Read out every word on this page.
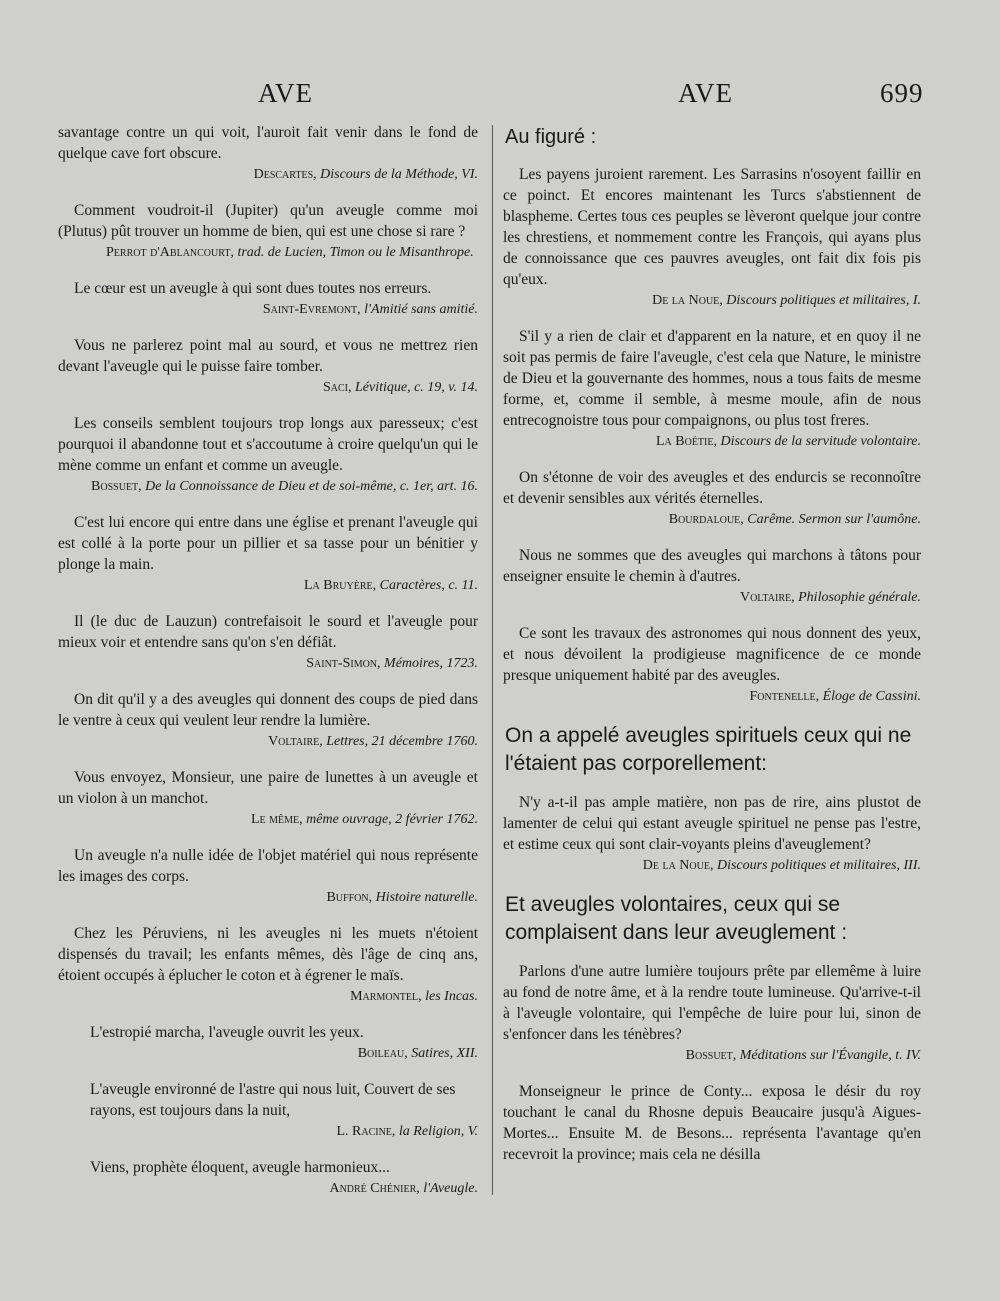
AVE	AVE	699
savantage contre un qui voit, l'auroit fait venir dans le fond de quelque cave fort obscure.
Descartes, Discours de la Méthode, VI.
Comment voudroit-il (Jupiter) qu'un aveugle comme moi (Plutus) pût trouver un homme de bien, qui est une chose si rare ?
Perrot d'Ablancourt, trad. de Lucien, Timon ou le Misanthrope.
Le cœur est un aveugle à qui sont dues toutes nos erreurs.
Saint-Evremont, l'Amitié sans amitié.
Vous ne parlerez point mal au sourd, et vous ne mettrez rien devant l'aveugle qui le puisse faire tomber.
Saci, Lévitique, c. 19, v. 14.
Les conseils semblent toujours trop longs aux paresseux; c'est pourquoi il abandonne tout et s'accoutume à croire quelqu'un qui le mène comme un enfant et comme un aveugle.
Bossuet, De la Connoissance de Dieu et de soi-même, c. 1er, art. 16.
C'est lui encore qui entre dans une église et prenant l'aveugle qui est collé à la porte pour un pillier et sa tasse pour un bénitier y plonge la main.
La Bruyère, Caractères, c. 11.
Il (le duc de Lauzun) contrefaisoit le sourd et l'aveugle pour mieux voir et entendre sans qu'on s'en défiât.
Saint-Simon, Mémoires, 1723.
On dit qu'il y a des aveugles qui donnent des coups de pied dans le ventre à ceux qui veulent leur rendre la lumière.
Voltaire, Lettres, 21 décembre 1760.
Vous envoyez, Monsieur, une paire de lunettes à un aveugle et un violon à un manchot.
Le même, même ouvrage, 2 février 1762.
Un aveugle n'a nulle idée de l'objet matériel qui nous représente les images des corps.
Buffon, Histoire naturelle.
Chez les Péruviens, ni les aveugles ni les muets n'étoient dispensés du travail; les enfants mêmes, dès l'âge de cinq ans, étoient occupés à éplucher le coton et à égrener le maïs.
Marmontel, les Incas.
L'estropié marcha, l'aveugle ouvrit les yeux.
Boileau, Satires, XII.
L'aveugle environné de l'astre qui nous luit, Couvert de ses rayons, est toujours dans la nuit,
L. Racine, la Religion, V.
Viens, prophète éloquent, aveugle harmonieux...
André Chénier, l'Aveugle.
Au figuré :
Les payens juroient rarement. Les Sarrasins n'osoyent faillir en ce poinct. Et encores maintenant les Turcs s'abstiennent de blaspheme. Certes tous ces peuples se lèveront quelque jour contre les chrestiens, et nommement contre les François, qui ayans plus de connoissance que ces pauvres aveugles, ont fait dix fois pis qu'eux.
De la Noue, Discours politiques et militaires, I.
S'il y a rien de clair et d'apparent en la nature, et en quoy il ne soit pas permis de faire l'aveugle, c'est cela que Nature, le ministre de Dieu et la gouvernante des hommes, nous a tous faits de mesme forme, et, comme il semble, à mesme moule, afin de nous entrecognoistre tous pour compaignons, ou plus tost freres.
La Boétie, Discours de la servitude volontaire.
On s'étonne de voir des aveugles et des endurcis se reconnoître et devenir sensibles aux vérités éternelles.
Bourdaloue, Carême. Sermon sur l'aumône.
Nous ne sommes que des aveugles qui marchons à tâtons pour enseigner ensuite le chemin à d'autres.
Voltaire, Philosophie générale.
Ce sont les travaux des astronomes qui nous donnent des yeux, et nous dévoilent la prodigieuse magnificence de ce monde presque uniquement habité par des aveugles.
Fontenelle, Éloge de Cassini.
On a appelé aveugles spirituels ceux qui ne l'étaient pas corporellement:
N'y a-t-il pas ample matière, non pas de rire, ains plustot de lamenter de celui qui estant aveugle spirituel ne pense pas l'estre, et estime ceux qui sont clair-voyants pleins d'aveuglement?
De la Noue, Discours politiques et militaires, III.
Et aveugles volontaires, ceux qui se complaisent dans leur aveuglement :
Parlons d'une autre lumière toujours prête par ellemême à luire au fond de notre âme, et à la rendre toute lumineuse. Qu'arrive-t-il à l'aveugle volontaire, qui l'empêche de luire pour lui, sinon de s'enfoncer dans les ténèbres?
Bossuet, Méditations sur l'Évangile, t. IV.
Monseigneur le prince de Conty... exposa le désir du roy touchant le canal du Rhosne depuis Beaucaire jusqu'à Aigues-Mortes... Ensuite M. de Besons... représenta l'avantage qu'en recevroit la province; mais cela ne désilla
